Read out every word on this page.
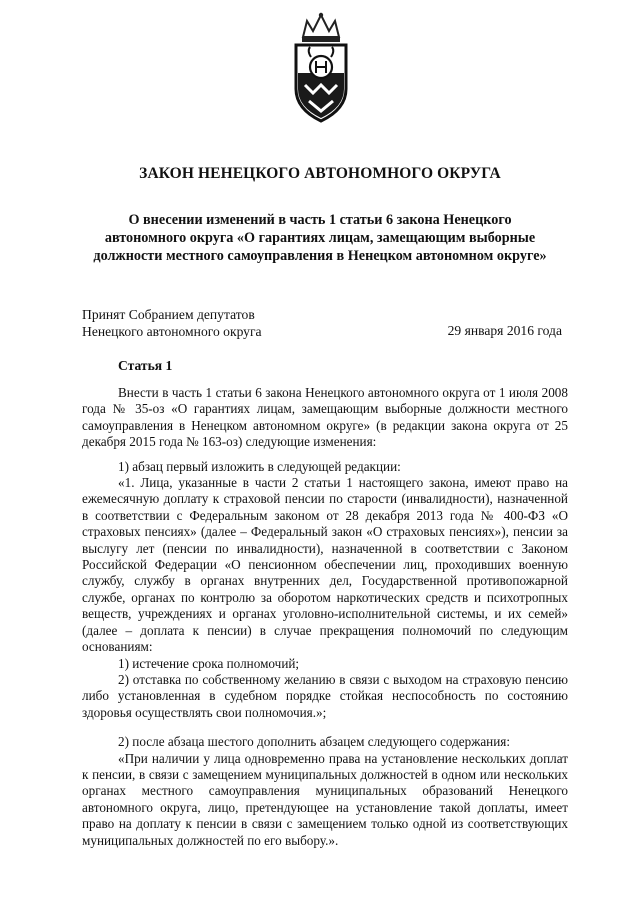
ЗАКОН НЕНЕЦКОГО АВТОНОМНОГО ОКРУГА
О внесении изменений в часть 1 статьи 6 закона Ненецкого
автономного округа «О гарантиях лицам, замещающим выборные
должности местного самоуправления в Ненецком автономном округе»
Принят Собранием депутатов
Ненецкого автономного округа	29 января 2016 года
Статья 1

Внести в часть 1 статьи 6 закона Ненецкого автономного округа от 1 июля 2008 года № 35-оз «О гарантиях лицам, замещающим выборные должности местного самоуправления в Ненецком автономном округе» (в редакции закона округа от 25 декабря 2015 года № 163-оз) следующие изменения:

1) абзац первый изложить в следующей редакции:

«1. Лица, указанные в части 2 статьи 1 настоящего закона, имеют право на ежемесячную доплату к страховой пенсии по старости (инвалидности), назначенной в соответствии с Федеральным законом от 28 декабря 2013 года № 400-ФЗ «О страховых пенсиях» (далее – Федеральный закон «О страховых пенсиях»), пенсии за выслугу лет (пенсии по инвалидности), назначенной в соответствии с Законом Российской Федерации «О пенсионном обеспечении лиц, проходивших военную службу, службу в органах внутренних дел, Государственной противопожарной службе, органах по контролю за оборотом наркотических средств и психотропных веществ, учреждениях и органах уголовно-исполнительной системы, и их семей» (далее – доплата к пенсии) в случае прекращения полномочий по следующим основаниям:

1) истечение срока полномочий;

2) отставка по собственному желанию в связи с выходом на страховую пенсию либо установленная в судебном порядке стойкая неспособность по состоянию здоровья осуществлять свои полномочия.»;

2) после абзаца шестого дополнить абзацем следующего содержания:

«При наличии у лица одновременно права на установление нескольких доплат к пенсии, в связи с замещением муниципальных должностей в одном или нескольких органах местного самоуправления муниципальных образований Ненецкого автономного округа, лицо, претендующее на установление такой доплаты, имеет право на доплату к пенсии в связи с замещением только одной из соответствующих муниципальных должностей по его выбору.».
